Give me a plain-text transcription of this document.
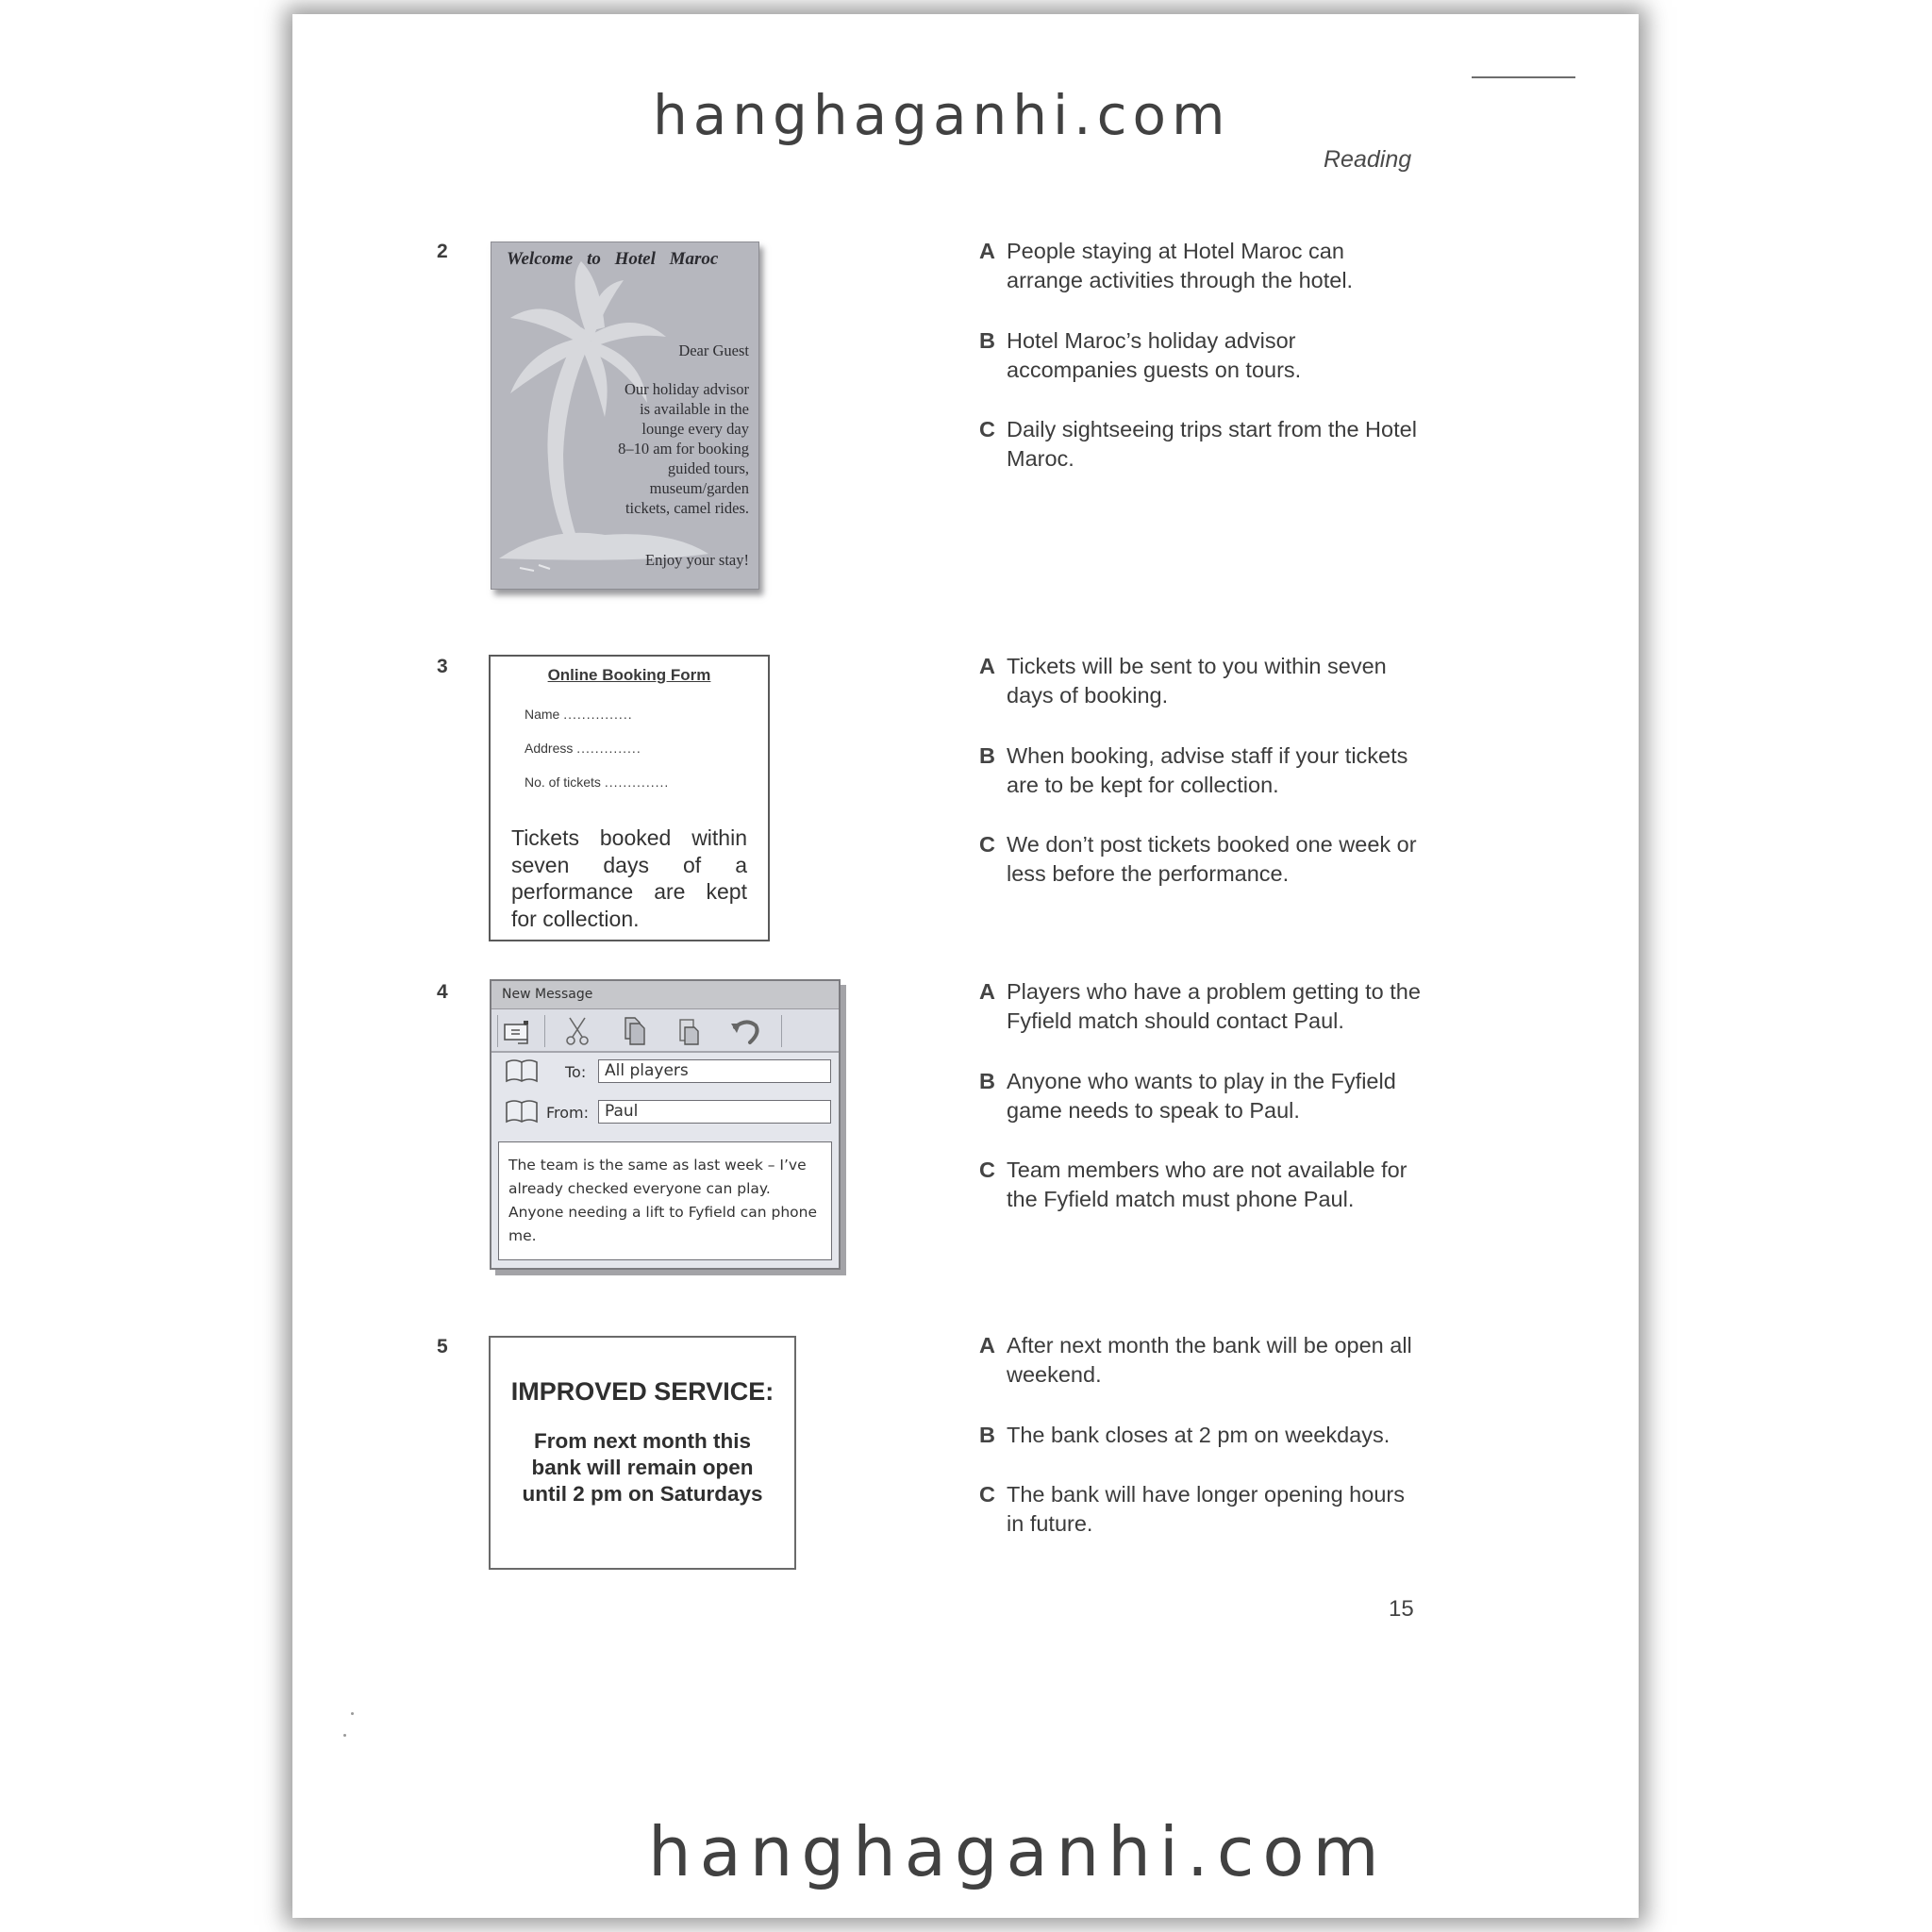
hanghaganhi.com
Reading
2	Welcome to Hotel Maroc
Dear Guest
Our holiday advisor
is available in the
lounge every day
8–10 am for booking
guided tours,
museum/garden
tickets, camel rides.
Enjoy your stay!
A People staying at Hotel Maroc can arrange activities through the hotel.
B Hotel Maroc’s holiday advisor accompanies guests on tours.
C Daily sightseeing trips start from the Hotel Maroc.
3	Online Booking Form
Name ...............
Address ..............
No. of tickets ..............
Tickets booked within seven days of a performance are kept for collection.
A Tickets will be sent to you within seven days of booking.
B When booking, advise staff if your tickets are to be kept for collection.
C We don’t post tickets booked one week or less before the performance.
4	New Message
To:
All players
From:
Paul
The team is the same as last week – I’ve already checked everyone can play. Anyone needing a lift to Fyfield can phone me.
A Players who have a problem getting to the Fyfield match should contact Paul.
B Anyone who wants to play in the Fyfield game needs to speak to Paul.
C Team members who are not available for the Fyfield match must phone Paul.
5
IMPROVED SERVICE:
From next month this
bank will remain open
until 2 pm on Saturdays
A After next month the bank will be open all weekend.
B The bank closes at 2 pm on weekdays.
C The bank will have longer opening hours in future.
15
hanghaganhi.com
